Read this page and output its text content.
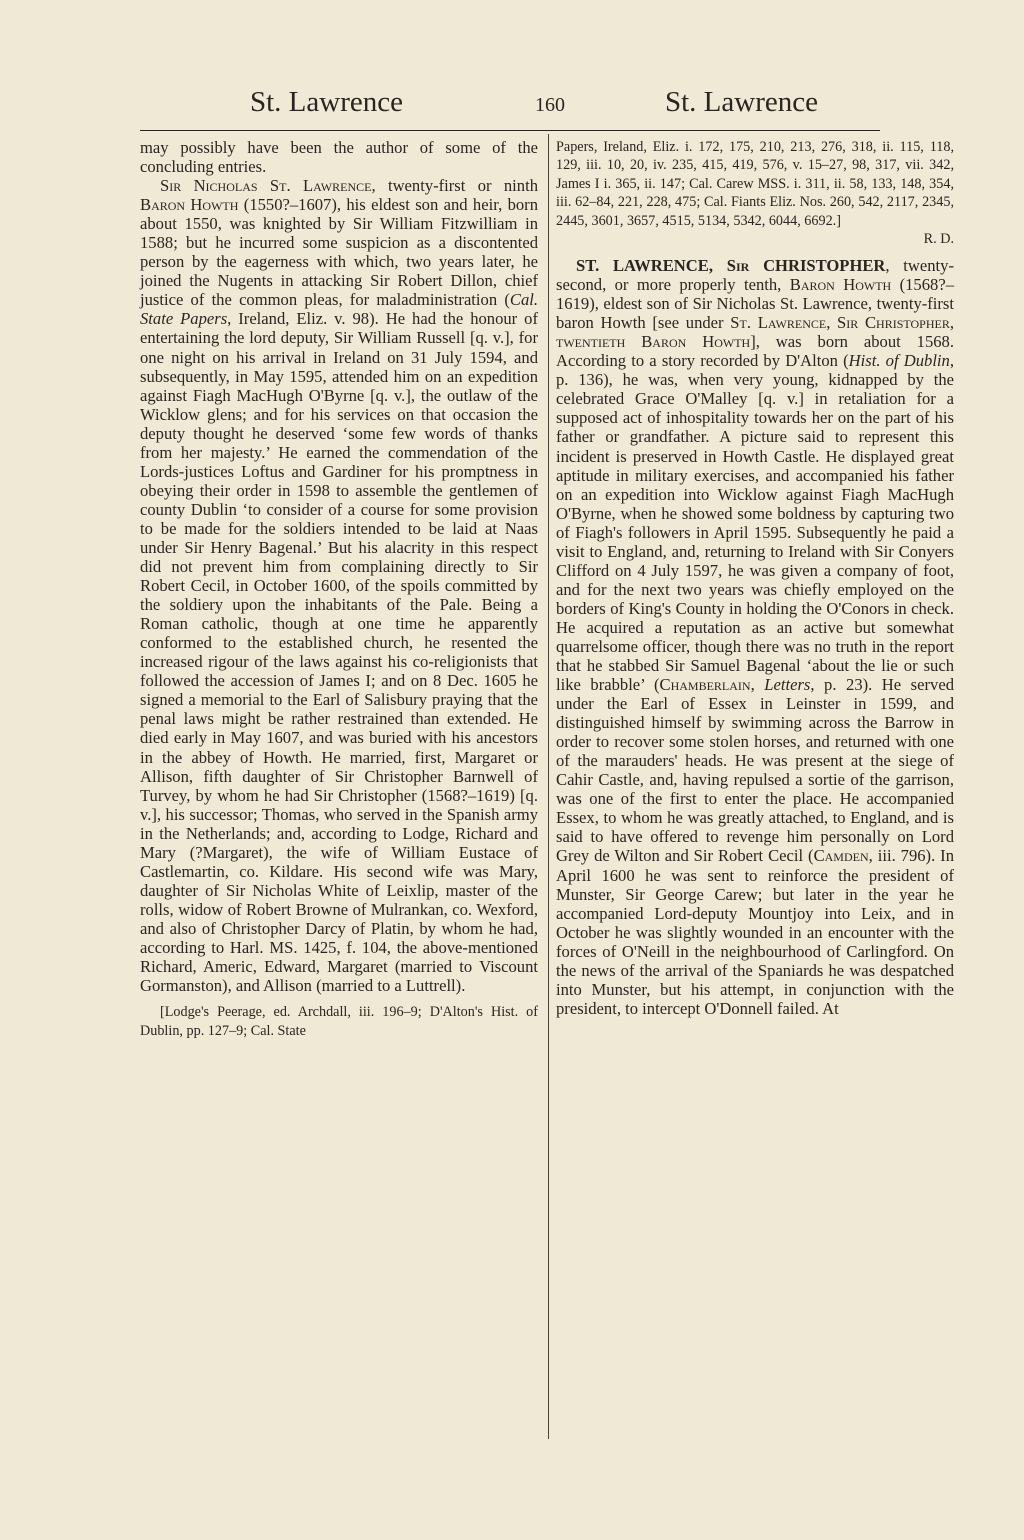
St. Lawrence	160	St. Lawrence

may possibly have been the author of some of the concluding entries.

Sir Nicholas St. Lawrence, twenty-first or ninth Baron Howth (1550?–1607), his eldest son and heir, born about 1550, was knighted by Sir William Fitzwilliam in 1588; but he incurred some suspicion as a discontented person by the eagerness with which, two years later, he joined the Nugents in attacking Sir Robert Dillon, chief justice of the common pleas, for maladministration (Cal. State Papers, Ireland, Eliz. v. 98). He had the honour of entertaining the lord deputy, Sir William Russell [q. v.], for one night on his arrival in Ireland on 31 July 1594, and subsequently, in May 1595, attended him on an expedition against Fiagh MacHugh O'Byrne [q. v.], the outlaw of the Wicklow glens; and for his services on that occasion the deputy thought he deserved ‘some few words of thanks from her majesty.’ He earned the commendation of the Lords-justices Loftus and Gardiner for his promptness in obeying their order in 1598 to assemble the gentlemen of county Dublin ‘to consider of a course for some provision to be made for the soldiers intended to be laid at Naas under Sir Henry Bagenal.’ But his alacrity in this respect did not prevent him from complaining directly to Sir Robert Cecil, in October 1600, of the spoils committed by the soldiery upon the inhabitants of the Pale. Being a Roman catholic, though at one time he apparently conformed to the established church, he resented the increased rigour of the laws against his co-religionists that followed the accession of James I; and on 8 Dec. 1605 he signed a memorial to the Earl of Salisbury praying that the penal laws might be rather restrained than extended. He died early in May 1607, and was buried with his ancestors in the abbey of Howth. He married, first, Margaret or Allison, fifth daughter of Sir Christopher Barnwell of Turvey, by whom he had Sir Christopher (1568?–1619) [q. v.], his successor; Thomas, who served in the Spanish army in the Netherlands; and, according to Lodge, Richard and Mary (?Margaret), the wife of William Eustace of Castlemartin, co. Kildare. His second wife was Mary, daughter of Sir Nicholas White of Leixlip, master of the rolls, widow of Robert Browne of Mulrankan, co. Wexford, and also of Christopher Darcy of Platin, by whom he had, according to Harl. MS. 1425, f. 104, the above-mentioned Richard, Americ, Edward, Margaret (married to Viscount Gormanston), and Allison (married to a Luttrell).

[Lodge's Peerage, ed. Archdall, iii. 196–9; D'Alton's Hist. of Dublin, pp. 127–9; Cal. State

Papers, Ireland, Eliz. i. 172, 175, 210, 213, 276, 318, ii. 115, 118, 129, iii. 10, 20, iv. 235, 415, 419, 576, v. 15–27, 98, 317, vii. 342, James I i. 365, ii. 147; Cal. Carew MSS. i. 311, ii. 58, 133, 148, 354, iii. 62–84, 221, 228, 475; Cal. Fiants Eliz. Nos. 260, 542, 2117, 2345, 2445, 3601, 3657, 4515, 5134, 5342, 6044, 6692.]

R. D.

ST. LAWRENCE, Sir CHRISTOPHER, twenty-second, or more properly tenth, Baron Howth (1568?–1619), eldest son of Sir Nicholas St. Lawrence, twenty-first baron Howth [see under St. Lawrence, Sir Christopher, twentieth Baron Howth], was born about 1568. According to a story recorded by D'Alton (Hist. of Dublin, p. 136), he was, when very young, kidnapped by the celebrated Grace O'Malley [q. v.] in retaliation for a supposed act of inhospitality towards her on the part of his father or grandfather. A picture said to represent this incident is preserved in Howth Castle. He displayed great aptitude in military exercises, and accompanied his father on an expedition into Wicklow against Fiagh MacHugh O'Byrne, when he showed some boldness by capturing two of Fiagh's followers in April 1595. Subsequently he paid a visit to England, and, returning to Ireland with Sir Conyers Clifford on 4 July 1597, he was given a company of foot, and for the next two years was chiefly employed on the borders of King's County in holding the O'Conors in check. He acquired a reputation as an active but somewhat quarrelsome officer, though there was no truth in the report that he stabbed Sir Samuel Bagenal ‘about the lie or such like brabble’ (Chamberlain, Letters, p. 23). He served under the Earl of Essex in Leinster in 1599, and distinguished himself by swimming across the Barrow in order to recover some stolen horses, and returned with one of the marauders' heads. He was present at the siege of Cahir Castle, and, having repulsed a sortie of the garrison, was one of the first to enter the place. He accompanied Essex, to whom he was greatly attached, to England, and is said to have offered to revenge him personally on Lord Grey de Wilton and Sir Robert Cecil (Camden, iii. 796). In April 1600 he was sent to reinforce the president of Munster, Sir George Carew; but later in the year he accompanied Lord-deputy Mountjoy into Leix, and in October he was slightly wounded in an encounter with the forces of O'Neill in the neighbourhood of Carlingford. On the news of the arrival of the Spaniards he was despatched into Munster, but his attempt, in conjunction with the president, to intercept O'Donnell failed. At
